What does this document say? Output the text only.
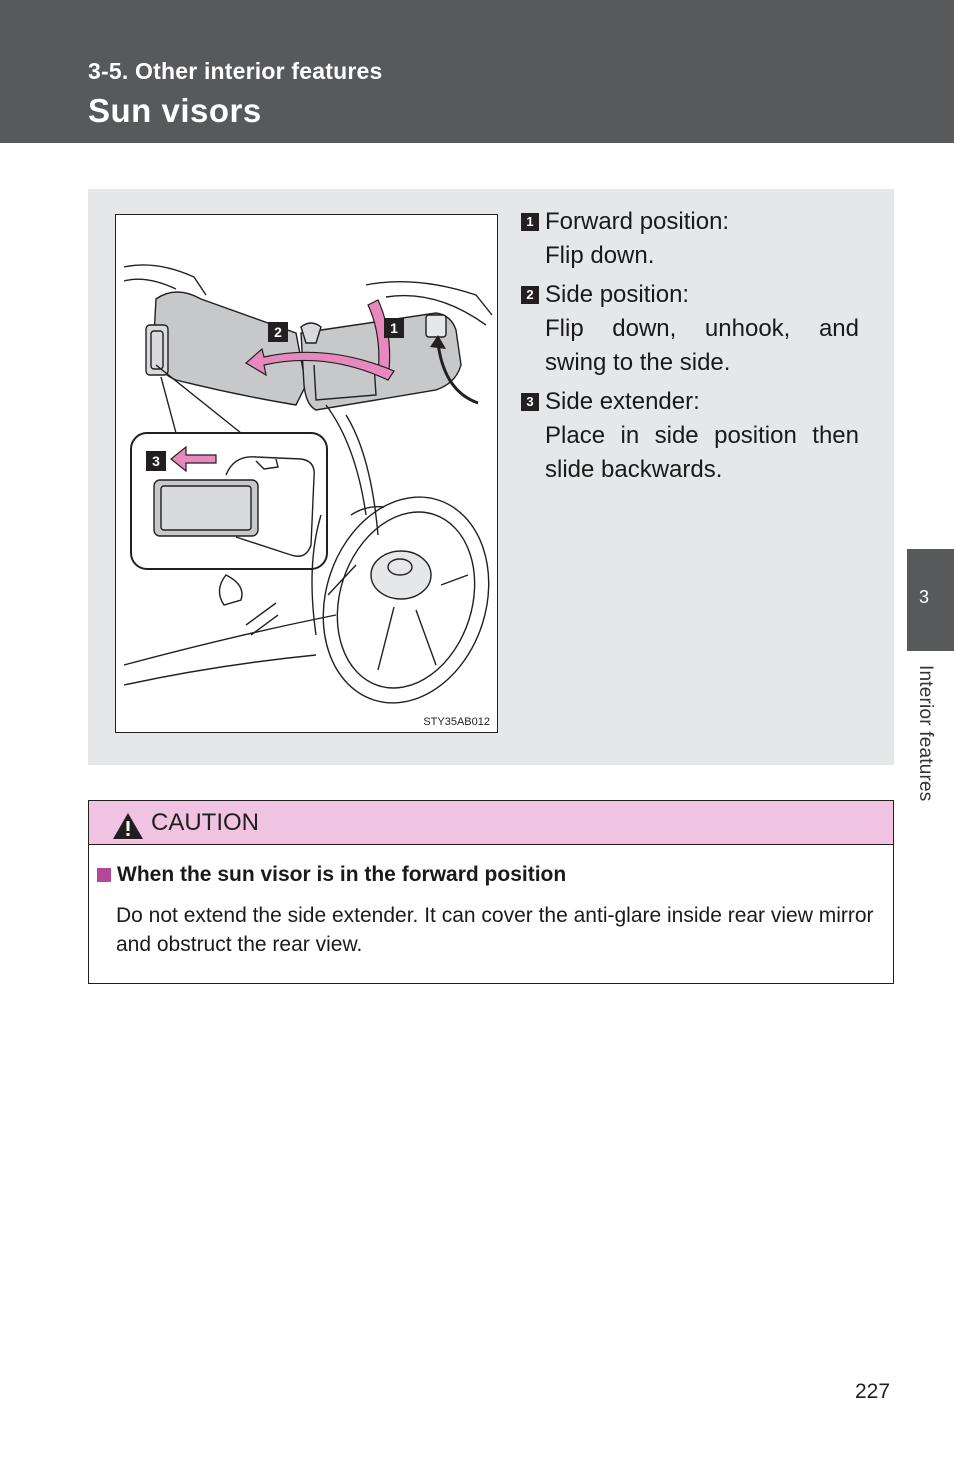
3-5. Other interior features
Sun visors
3
Interior features
2	1
3
STY35AB012
1 Forward position:
Flip down.
2 Side position:
Flip down, unhook, and swing to the side.
3 Side extender:
Place in side position then slide backwards.
CAUTION
When the sun visor is in the forward position
Do not extend the side extender. It can cover the anti-glare inside rear view mirror and obstruct the rear view.
227
